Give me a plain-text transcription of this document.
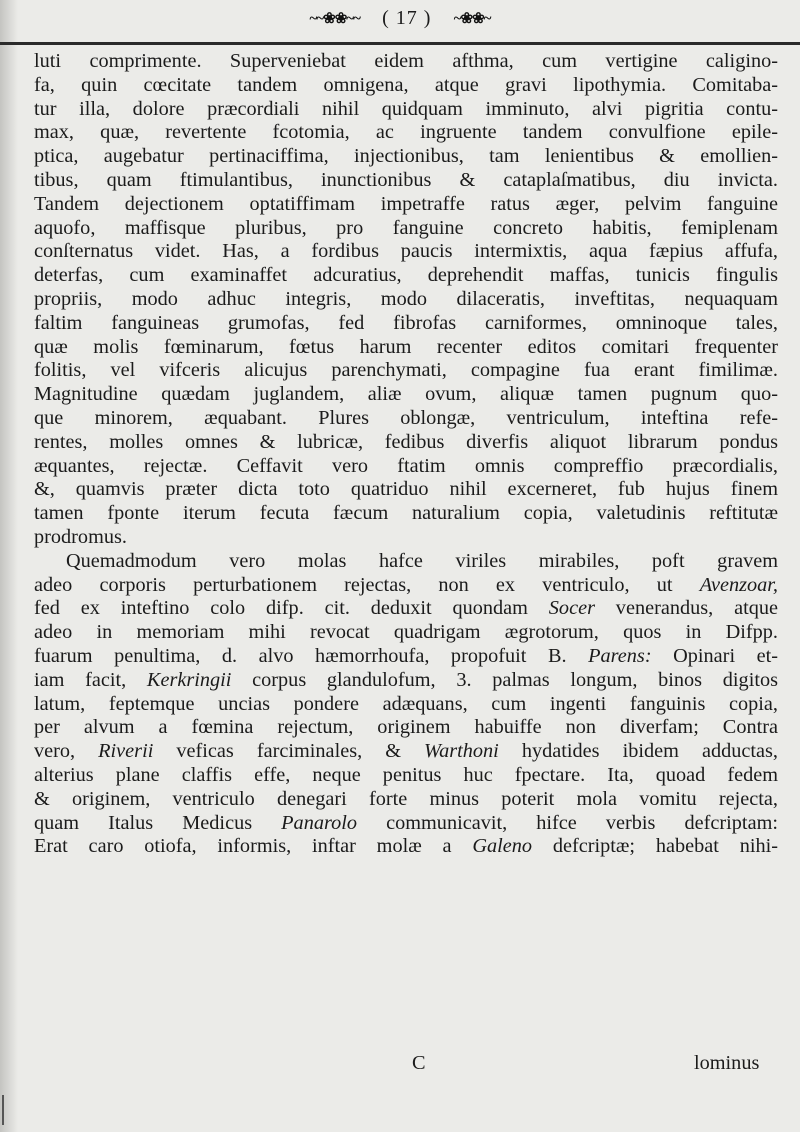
~~❀❀~~ ( 17 ) ~❀❀~

luti comprimente. Superveniebat eidem afthma, cum vertigine caligino-

fa, quin cœcitate tandem omnigena, atque gravi lipothymia. Comitaba-

tur illa, dolore præcordiali nihil quidquam imminuto, alvi pigritia contu-

max, quæ, revertente fcotomia, ac ingruente tandem convulfione epile-

ptica, augebatur pertinaciffima, injectionibus, tam lenientibus & emollien-

tibus, quam ftimulantibus, inunctionibus & cataplaſmatibus, diu invicta.

Tandem dejectionem optatiffimam impetraffe ratus æger, pelvim fanguine

aquofo, maffisque pluribus, pro fanguine concreto habitis, femiplenam

conſternatus videt. Has, a fordibus paucis intermixtis, aqua fæpius affufa,

deterfas, cum examinaffet adcuratius, deprehendit maffas, tunicis fingulis

propriis, modo adhuc integris, modo dilaceratis, inveftitas, nequaquam

faltim fanguineas grumofas, fed fibrofas carniformes, omninoque tales,

quæ molis fœminarum, fœtus harum recenter editos comitari frequenter

folitis, vel vifceris alicujus parenchymati, compagine fua erant fimilimæ.

Magnitudine quædam juglandem, aliæ ovum, aliquæ tamen pugnum quo-

que minorem, æquabant. Plures oblongæ, ventriculum, inteftina refe-

rentes, molles omnes & lubricæ, fedibus diverfis aliquot librarum pondus

æquantes, rejectæ. Ceffavit vero ftatim omnis compreffio præcordialis,

&, quamvis præter dicta toto quatriduo nihil excerneret, fub hujus finem

tamen fponte iterum fecuta fæcum naturalium copia, valetudinis reftitutæ

prodromus.

Quemadmodum vero molas hafce viriles mirabiles, poft gravem

adeo corporis perturbationem rejectas, non ex ventriculo, ut Avenzoar,

fed ex inteftino colo difp. cit. deduxit quondam Socer venerandus, atque

adeo in memoriam mihi revocat quadrigam ægrotorum, quos in Difpp.

fuarum penultima, d. alvo hæmorrhoufa, propofuit B. Parens: Opinari et-

iam facit, Kerkringii corpus glandulofum, 3. palmas longum, binos digitos

latum, feptemque uncias pondere adæquans, cum ingenti fanguinis copia,

per alvum a fœmina rejectum, originem habuiffe non diverfam; Contra

vero, Riverii veficas farciminales, & Warthoni hydatides ibidem adductas,

alterius plane claffis effe, neque penitus huc fpectare. Ita, quoad fedem

& originem, ventriculo denegari forte minus poterit mola vomitu rejecta,

quam Italus Medicus Panarolo communicavit, hifce verbis defcriptam:

Erat caro otiofa, informis, inftar molæ a Galeno defcriptæ; habebat nihi-

C	lominus
